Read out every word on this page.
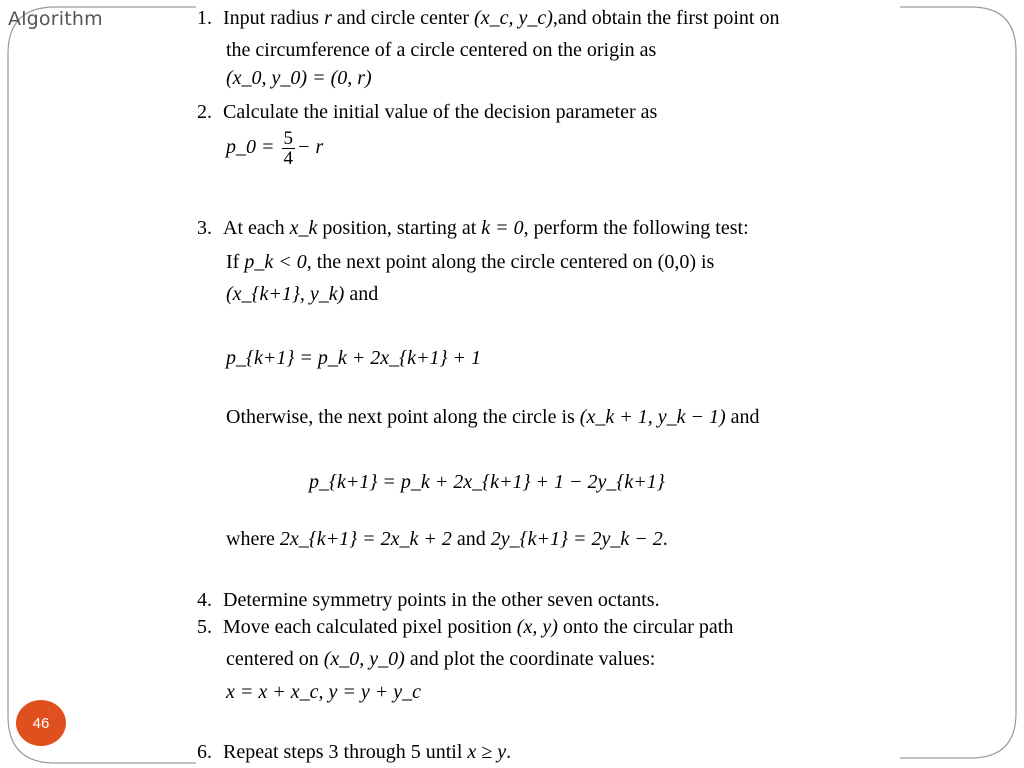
Algorithm
46
1. Input radius r and circle center (x_c, y_c),and obtain the first point on
the circumference of a circle centered on the origin as
(x_0, y_0) = (0, r)
2. Calculate the initial value of the decision parameter as
p_0 = $\frac{5}{4} - r$
3. At each x_k position, starting at k = 0, perform the following test:
If p_k < 0, the next point along the circle centered on (0,0) is
(x_{k+1}, y_k) and
p_{k+1} = p_k + 2x_{k+1} + 1
Otherwise, the next point along the circle is (x_k + 1, y_k − 1) and
p_{k+1} = p_k + 2x_{k+1} + 1 − 2y_{k+1}
where 2x_{k+1} = 2x_k + 2 and 2y_{k+1} = 2y_k − 2.
4. Determine symmetry points in the other seven octants.
5. Move each calculated pixel position (x, y) onto the circular path
centered on (x_0, y_0) and plot the coordinate values:
x = x + x_c, y = y + y_c
6. Repeat steps 3 through 5 until x ≥ y.
